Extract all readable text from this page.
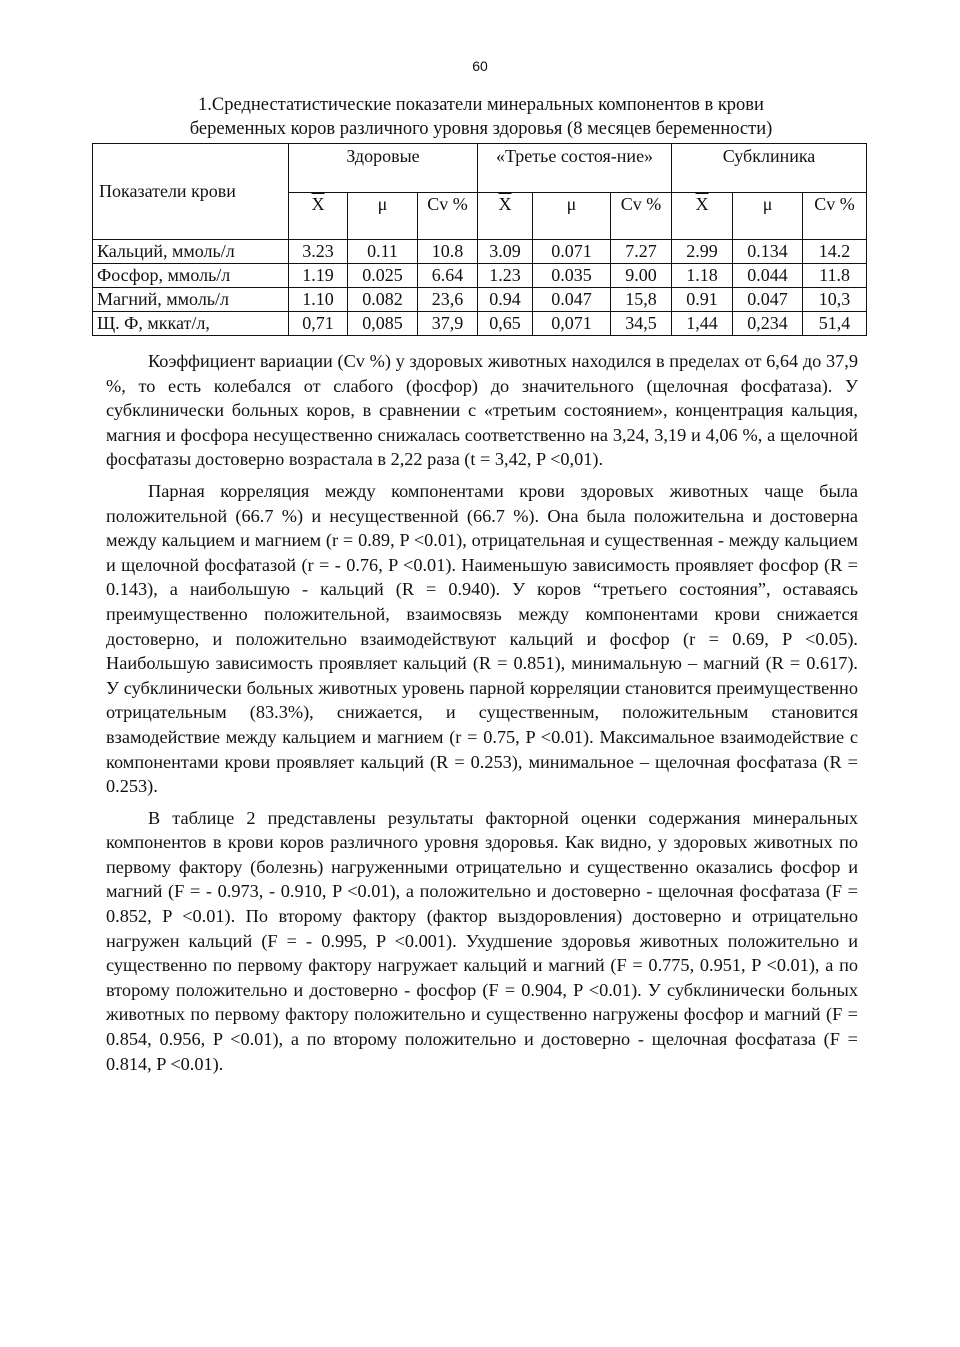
60
1.Среднестатистические показатели минеральных компонентов в крови
беременных коров различного уровня здоровья (8 месяцев беременности)
Показатели крови	Здоровые			«Третье состоя-ние»			Субклиника		
	$\overline{X}$	μ	Cv %	$\overline{X}$	μ	Cv %	$\overline{X}$	μ	Cv %
Кальций, ммоль/л	3.23	0.11	10.8	3.09	0.071	7.27	2.99	0.134	14.2
Фосфор, ммоль/л	1.19	0.025	6.64	1.23	0.035	9.00	1.18	0.044	11.8
Магний, ммоль/л	1.10	0.082	23,6	0.94	0.047	15,8	0.91	0.047	10,3
Щ. Ф, мккат/л,	0,71	0,085	37,9	0,65	0,071	34,5	1,44	0,234	51,4

Коэффициент вариации (Cv %) у здоровых животных находился в пределах от 6,64 до 37,9 %, то есть колебался от слабого (фосфор) до значительного (щелочная фосфатаза). У субклинически больных коров, в сравнении с «третьим состоянием», концентрация кальция, магния и фосфора несущественно снижалась соответственно на 3,24, 3,19 и 4,06 %, а щелочной фосфатазы достоверно возрастала в 2,22 раза (t = 3,42, P <0,01).

Парная корреляция между компонентами крови здоровых животных чаще была положительной (66.7 %) и несущественной (66.7 %). Она была положительна и достоверна между кальцием и магнием (r = 0.89, P <0.01), отрицательная и существенная - между кальцием и щелочной фосфатазой (r = - 0.76, P <0.01). Наименьшую зависимость проявляет фосфор (R = 0.143), а наибольшую - кальций (R = 0.940). У коров “третьего состояния”, оставаясь преимущественно положительной, взаимосвязь между компонентами крови снижается достоверно, и положительно взаимодействуют кальций и фосфор (r = 0.69, P <0.05). Наибольшую зависимость проявляет кальций (R = 0.851), минимальную – магний (R = 0.617). У субклинически больных животных уровень парной корреляции становится преимущественно отрицательным (83.3%), снижается, и существенным, положительным становится взамодействие между кальцием и магнием (r = 0.75, P <0.01). Максимальное взаимодействие с компонентами крови проявляет кальций (R = 0.253), минимальное – щелочная фосфатаза (R = 0.253).

В таблице 2 представлены результаты факторной оценки содержания минеральных компонентов в крови коров различного уровня здоровья. Как видно, у здоровых животных по первому фактору (болезнь) нагруженными отрицательно и существенно оказались фосфор и магний (F = - 0.973, - 0.910, P <0.01), а положительно и достоверно - щелочная фосфатаза (F = 0.852, P <0.01). По второму фактору (фактор выздоровления) достоверно и отрицательно нагружен кальций (F = - 0.995, P <0.001). Ухудшение здоровья животных положительно и существенно по первому фактору нагружает кальций и магний (F = 0.775, 0.951, P <0.01), а по второму положительно и достоверно - фосфор (F = 0.904, P <0.01). У субклинически больных животных по первому фактору положительно и существенно нагружены фосфор и магний (F = 0.854, 0.956, P <0.01), а по второму положительно и достоверно - щелочная фосфатаза (F = 0.814, P <0.01).
